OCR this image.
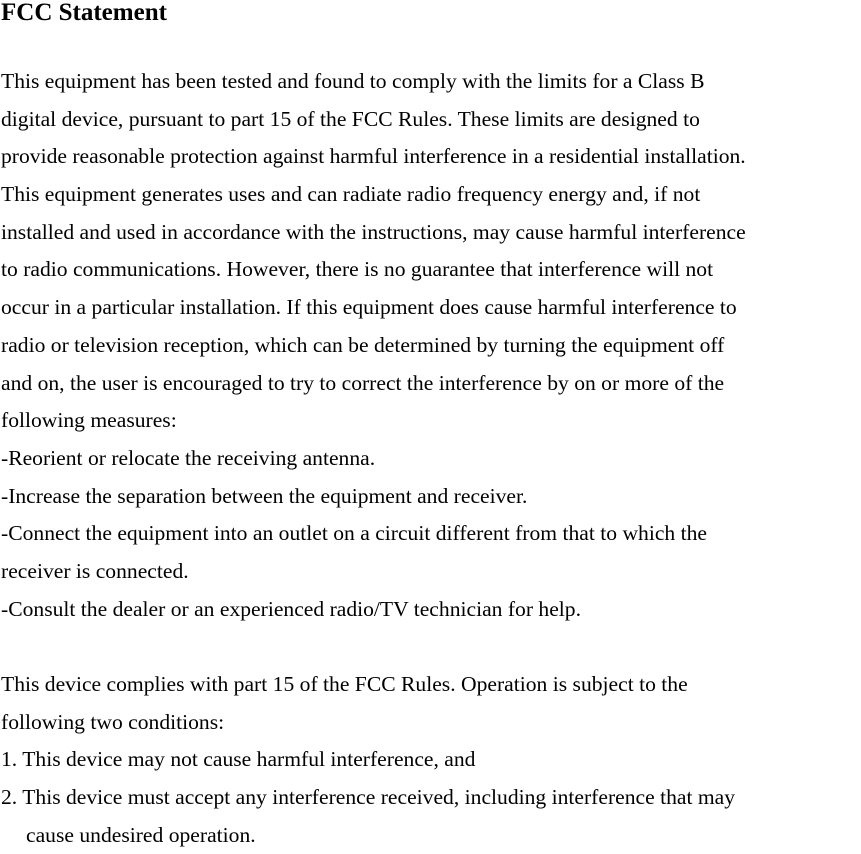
FCC Statement
This equipment has been tested and found to comply with the limits for a Class B
digital device, pursuant to part 15 of the FCC Rules. These limits are designed to
provide reasonable protection against harmful interference in a residential installation.
This equipment generates uses and can radiate radio frequency energy and, if not
installed and used in accordance with the instructions, may cause harmful interference
to radio communications. However, there is no guarantee that interference will not
occur in a particular installation. If this equipment does cause harmful interference to
radio or television reception, which can be determined by turning the equipment off
and on, the user is encouraged to try to correct the interference by on or more of the
following measures:
-Reorient or relocate the receiving antenna.
-Increase the separation between the equipment and receiver.
-Connect the equipment into an outlet on a circuit different from that to which the
receiver is connected.
-Consult the dealer or an experienced radio/TV technician for help.
This device complies with part 15 of the FCC Rules. Operation is subject to the
following two conditions:
1. This device may not cause harmful interference, and
2. This device must accept any interference received, including interference that may
cause undesired operation.
